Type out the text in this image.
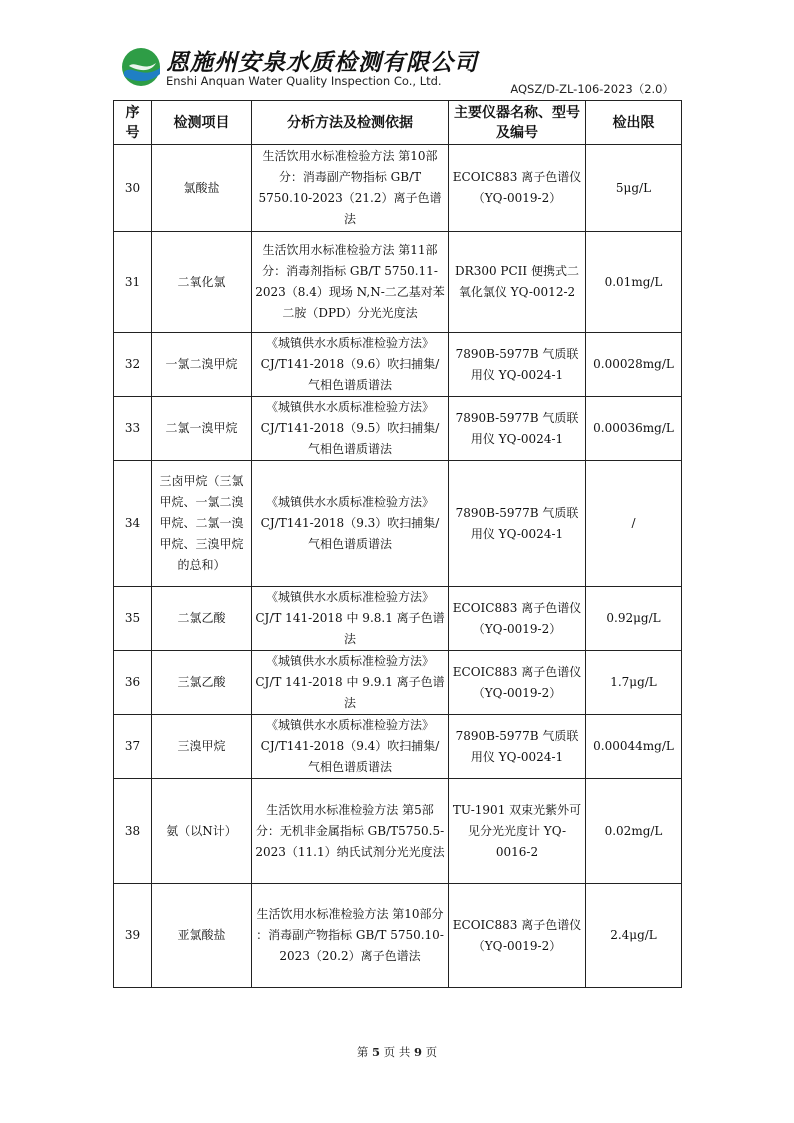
恩施州安泉水质检测有限公司
Enshi Anquan Water Quality Inspection Co., Ltd.
AQSZ/D-ZL-106-2023（2.0）
序号	检测项目	分析方法及检测依据	主要仪器名称、型号及编号	检出限
30	氯酸盐	生活饮用水标准检验方法 第10部分：消毒副产物指标 GB/T 5750.10-2023（21.2）离子色谱法	ECOIC883 离子色谱仪 （YQ-0019-2）	5μg/L
31	二氧化氯	生活饮用水标准检验方法 第11部分：消毒剂指标 GB/T 5750.11-2023（8.4）现场 N,N-二乙基对苯二胺（DPD）分光光度法	DR300 PCII 便携式二氧化氯仪 YQ-0012-2	0.01mg/L
32	一氯二溴甲烷	《城镇供水水质标准检验方法》CJ/T141-2018（9.6）吹扫捕集/气相色谱质谱法	7890B-5977B 气质联用仪 YQ-0024-1	0.00028mg/L
33	二氯一溴甲烷	《城镇供水水质标准检验方法》CJ/T141-2018（9.5）吹扫捕集/气相色谱质谱法	7890B-5977B 气质联用仪 YQ-0024-1	0.00036mg/L
34	三卤甲烷（三氯甲烷、一氯二溴甲烷、二氯一溴甲烷、三溴甲烷的总和）	《城镇供水水质标准检验方法》CJ/T141-2018（9.3）吹扫捕集/气相色谱质谱法	7890B-5977B 气质联用仪 YQ-0024-1	/
35	二氯乙酸	《城镇供水水质标准检验方法》CJ/T 141-2018 中 9.8.1 离子色谱法	ECOIC883 离子色谱仪 （YQ-0019-2）	0.92μg/L
36	三氯乙酸	《城镇供水水质标准检验方法》CJ/T 141-2018 中 9.9.1 离子色谱法	ECOIC883 离子色谱仪 （YQ-0019-2）	1.7μg/L
37	三溴甲烷	《城镇供水水质标准检验方法》CJ/T141-2018（9.4）吹扫捕集/气相色谱质谱法	7890B-5977B 气质联用仪 YQ-0024-1	0.00044mg/L
38	氨（以N计）	生活饮用水标准检验方法 第5部分：无机非金属指标 GB/T5750.5-2023（11.1）纳氏试剂分光光度法	TU-1901 双束光紫外可见分光光度计 YQ-0016-2	0.02mg/L
39	亚氯酸盐	生活饮用水标准检验方法 第10部分 ：消毒副产物指标 GB/T 5750.10-2023（20.2）离子色谱法	ECOIC883 离子色谱仪 （YQ-0019-2）	2.4μg/L
第 5 页 共 9 页
